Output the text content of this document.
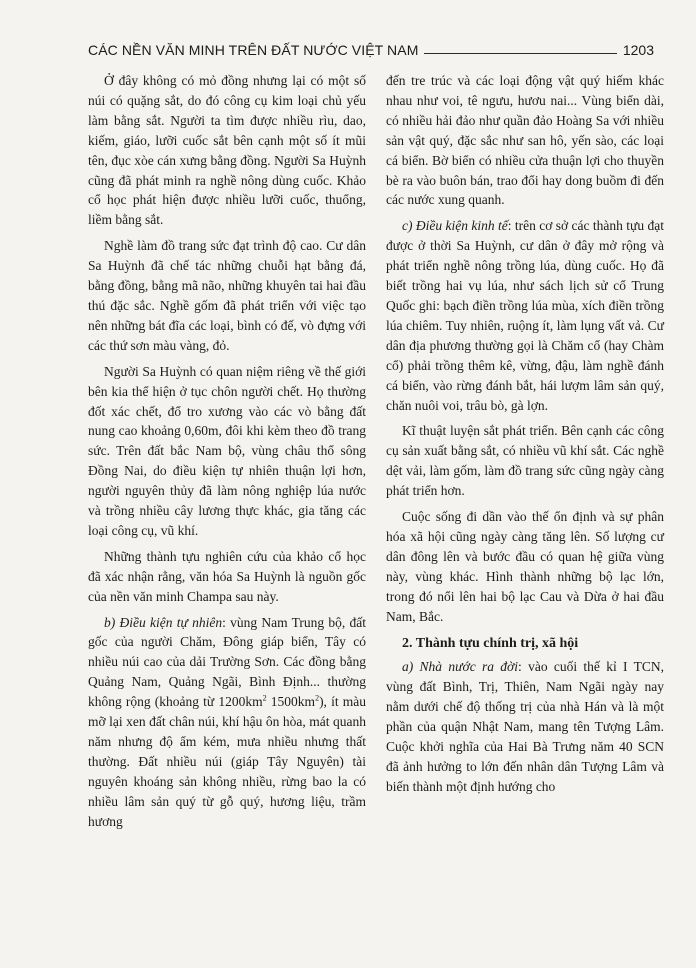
CÁC NỀN VĂN MINH TRÊN ĐẤT NƯỚC VIỆT NAM	1203

Ở đây không có mỏ đồng nhưng lại có một số núi có quặng sắt, do đó công cụ kim loại chủ yếu làm bằng sắt. Người ta tìm được nhiều rìu, dao, kiếm, giáo, lưỡi cuốc sắt bên cạnh một số ít mũi tên, đục xòe cán xưng bằng đồng. Người Sa Huỳnh cũng đã phát minh ra nghề nông dùng cuốc. Khảo cổ học phát hiện được nhiều lưỡi cuốc, thuổng, liềm bằng sắt.

Nghề làm đồ trang sức đạt trình độ cao. Cư dân Sa Huỳnh đã chế tác những chuỗi hạt bằng đá, bằng đồng, bằng mã não, những khuyên tai hai đầu thú đặc sắc. Nghề gốm đã phát triển với việc tạo nên những bát đĩa các loại, bình có đế, vò đựng với các thứ sơn màu vàng, đỏ.

Người Sa Huỳnh có quan niệm riêng về thế giới bên kia thể hiện ở tục chôn người chết. Họ thường đốt xác chết, đổ tro xương vào các vò bằng đất nung cao khoảng 0,60m, đôi khi kèm theo đồ trang sức. Trên đất bắc Nam bộ, vùng châu thổ sông Đồng Nai, do điều kiện tự nhiên thuận lợi hơn, người nguyên thủy đã làm nông nghiệp lúa nước và trồng nhiều cây lương thực khác, gia tăng các loại công cụ, vũ khí.

Những thành tựu nghiên cứu của khảo cổ học đã xác nhận rằng, văn hóa Sa Huỳnh là nguồn gốc của nền văn minh Champa sau này.

b) Điều kiện tự nhiên: vùng Nam Trung bộ, đất gốc của người Chăm, Đông giáp biển, Tây có nhiều núi cao của dải Trường Sơn. Các đồng bằng Quảng Nam, Quảng Ngãi, Bình Định... thường không rộng (khoảng từ $1200km^2$ $1500km^2$), ít màu mỡ lại xen đất chân núi, khí hậu ôn hòa, mát quanh năm nhưng độ ẩm kém, mưa nhiều nhưng thất thường. Đất nhiều núi (giáp Tây Nguyên) tài nguyên khoáng sản không nhiều, rừng bao la có nhiều lâm sản quý từ gỗ quý, hương liệu, trầm hương

đến tre trúc và các loại động vật quý hiếm khác nhau như voi, tê ngưu, hươu nai... Vùng biển dài, có nhiều hải đảo như quần đảo Hoàng Sa với nhiều sản vật quý, đặc sắc như san hô, yến sào, các loại cá biển. Bờ biển có nhiều cửa thuận lợi cho thuyền bè ra vào buôn bán, trao đổi hay dong buồm đi đến các nước xung quanh.

c) Điều kiện kinh tế: trên cơ sở các thành tựu đạt được ở thời Sa Huỳnh, cư dân ở đây mở rộng và phát triển nghề nông trồng lúa, dùng cuốc. Họ đã biết trồng hai vụ lúa, như sách lịch sử cổ Trung Quốc ghi: bạch điền trồng lúa mùa, xích điền trồng lúa chiêm. Tuy nhiên, ruộng ít, làm lụng vất vả. Cư dân địa phương thường gọi là Chăm cổ (hay Chàm cổ) phải trồng thêm kê, vừng, đậu, làm nghề đánh cá biển, vào rừng đánh bắt, hái lượm lâm sản quý, chăn nuôi voi, trâu bò, gà lợn.

Kĩ thuật luyện sắt phát triển. Bên cạnh các công cụ sản xuất bằng sắt, có nhiều vũ khí sắt. Các nghề dệt vải, làm gốm, làm đồ trang sức cũng ngày càng phát triển hơn.

Cuộc sống đi dần vào thế ổn định và sự phân hóa xã hội cũng ngày càng tăng lên. Số lượng cư dân đông lên và bước đầu có quan hệ giữa vùng này, vùng khác. Hình thành những bộ lạc lớn, trong đó nổi lên hai bộ lạc Cau và Dừa ở hai đầu Nam, Bắc.

2. Thành tựu chính trị, xã hội

a) Nhà nước ra đời: vào cuối thế kỉ I TCN, vùng đất Bình, Trị, Thiên, Nam Ngãi ngày nay nằm dưới chế độ thống trị của nhà Hán và là một phần của quận Nhật Nam, mang tên Tượng Lâm. Cuộc khởi nghĩa của Hai Bà Trưng năm 40 SCN đã ảnh hưởng to lớn đến nhân dân Tượng Lâm và biến thành một định hướng cho
